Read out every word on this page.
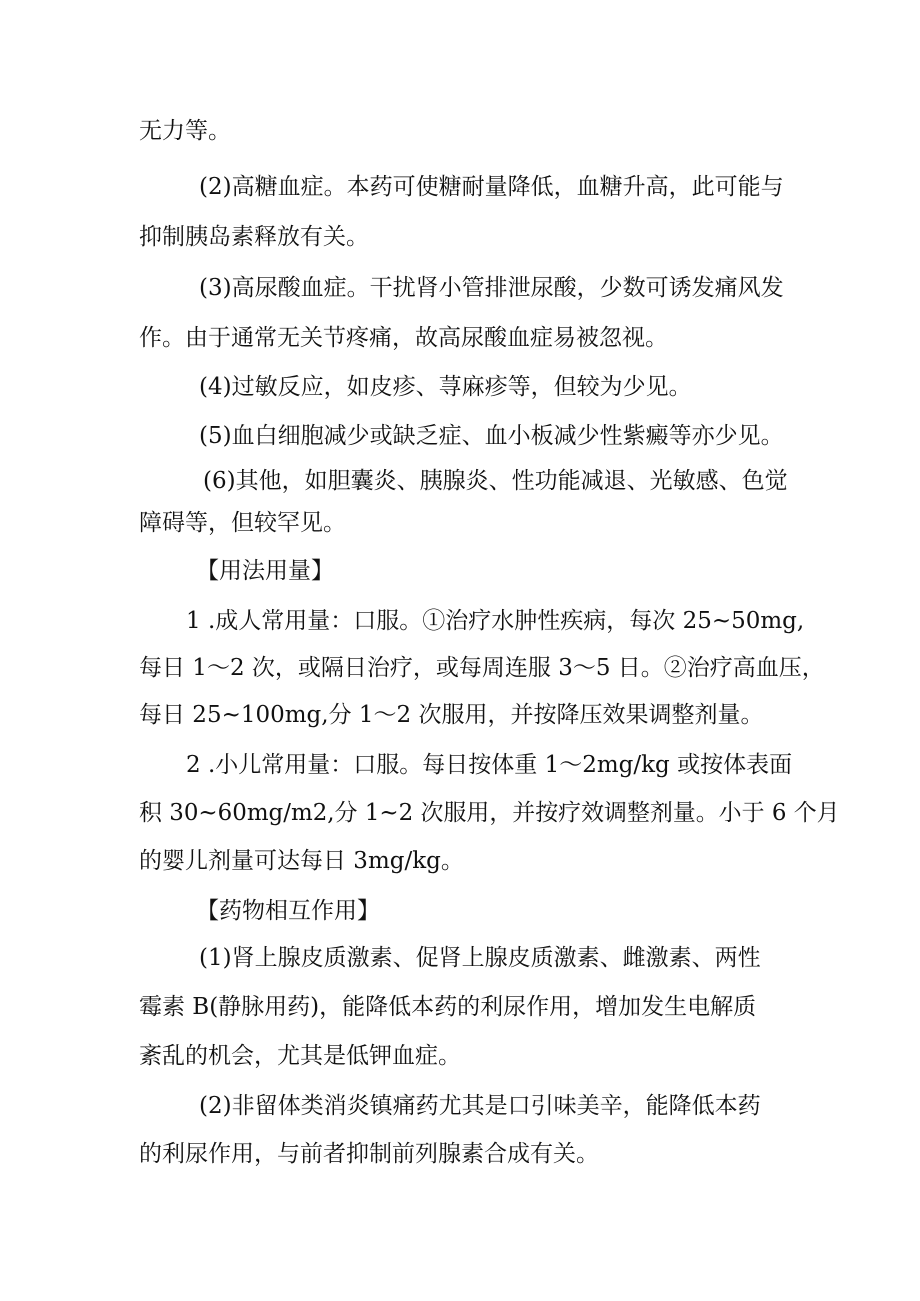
无力等。
(2)高糖血症。本药可使糖耐量降低，血糖升高，此可能与
抑制胰岛素释放有关。
(3)高尿酸血症。干扰肾小管排泄尿酸，少数可诱发痛风发
作。由于通常无关节疼痛，故高尿酸血症易被忽视。
(4)过敏反应，如皮疹、荨麻疹等，但较为少见。
(5)血白细胞减少或缺乏症、血小板减少性紫癜等亦少见。
(6)其他，如胆囊炎、胰腺炎、性功能减退、光敏感、色觉
障碍等，但较罕见。
【用法用量】
1 .成人常用量：口服。①治疗水肿性疾病，每次 25~50mg,
每日 1～2 次，或隔日治疗，或每周连服 3～5 日。②治疗高血压，
每日 25~100mg,分 1～2 次服用，并按降压效果调整剂量。
2 .小儿常用量：口服。每日按体重 1～2mg/kg 或按体表面
积 30~60mg/m2,分 1~2 次服用，并按疗效调整剂量。小于 6 个月
的婴儿剂量可达每日 3mg/kg。
【药物相互作用】
(1)肾上腺皮质激素、促肾上腺皮质激素、雌激素、两性
霉素 B(静脉用药)，能降低本药的利尿作用，增加发生电解质
紊乱的机会，尤其是低钾血症。
(2)非留体类消炎镇痛药尤其是口引味美辛，能降低本药
的利尿作用，与前者抑制前列腺素合成有关。
